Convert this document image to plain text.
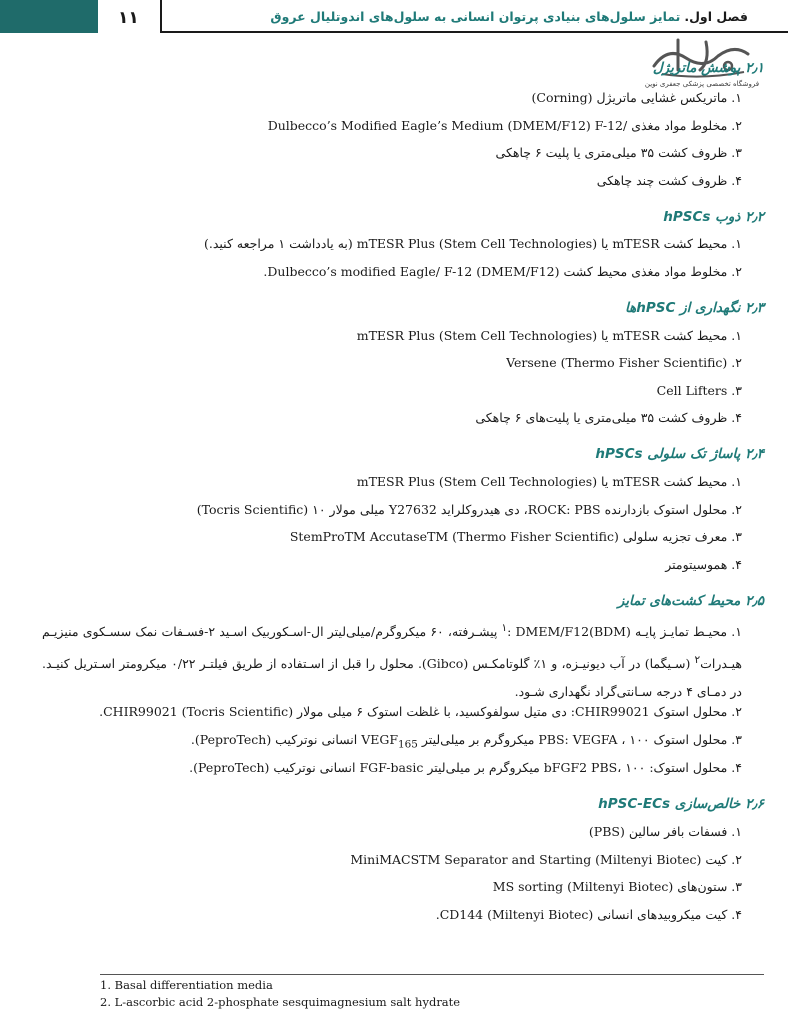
۱۱	فصل اول. تمایز سلول‌های بنیادی پرتوان انسانی به سلول‌های اندوتلیال عروق
فروشگاه تخصصی پزشکی جعفری نوین
۲٫۱ پوشش ماتریژل
۱. ماتریکس غشایی ماتریژل (Corning)
۲. مخلوط مواد مغذی /Dulbecco’s Modified Eagle’s Medium (DMEM/F12) F-12
۳. ظروف کشت ۳۵ میلی‌متری یا پلیت ۶ چاهکی
۴. ظروف کشت چند چاهکی
۲٫۲ ذوب hPSCs
۱. محیط کشت mTESR یا mTESR Plus (Stem Cell Technologies) (به یادداشت ۱ مراجعه کنید.)
۲. مخلوط مواد مغذی محیط کشت Dulbecco’s modified Eagle/ F-12 (DMEM/F12).
۲٫۳ نگهداری از hPSCها
۱. محیط کشت mTESR یا mTESR Plus (Stem Cell Technologies)
۲. Versene (Thermo Fisher Scientific)
۳. Cell Lifters
۴. ظروف کشت ۳۵ میلی‌متری یا پلیت‌های ۶ چاهکی
۲٫۴ پاساژ تک سلولی hPSCs
۱. محیط کشت mTESR یا mTESR Plus (Stem Cell Technologies)
۲. محلول استوک بازدارنده ROCK: PBS، دی هیدروکلراید Y27632 میلی مولار ۱۰ (Tocris Scientific)
۳. معرف تجزیه سلولی StemProTM AccutaseTM (Thermo Fisher Scientific)
۴. هموسیتومتر
۲٫۵ محیط کشت‌های تمایز
۱. محیـط تمایـز پایـه (BDM)$^۱$: DMEM/F12 پیشـرفته، ۶۰ میکروگرم/میلی‌لیتر ال-اسـکوربیک اسـید ۲-فسـفات نمک سسـکوی منیزیـم هیـدرات$^۲$ (سـیگما) در آب دیونیـزه، و ۱٪ گلوتامکـس (Gibco). محلول را قبل از اسـتفاده از طریق فیلتـر ۰/۲۲ میکرومتر اسـتریل کنیـد. در دمـای ۴ درجه سـانتی‌گراد نگهداری شـود.
۲. محلول استوک CHIR99021: دی متیل سولفوکسید، با غلظت استوک ۶ میلی مولار (Tocris Scientific) CHIR99021.
۳. محلول استوک PBS: VEGFA ، ۱۰۰ میکروگرم بر میلی‌لیتر $VEGF_{165}$ انسانی نوترکیب (PeproTech).
۴. محلول استوک: bFGF2 PBS، ۱۰۰ میکروگرم بر میلی‌لیتر FGF-basic انسانی نوترکیب (PeproTech).
۲٫۶ خالص‌سازی hPSC-ECs
۱. فسفات بافر سالین (PBS)
۲. کیت MiniMACSTM Separator and Starting (Miltenyi Biotec)
۳. ستون‌های MS sorting (Miltenyi Biotec)
۴. کیت میکروبیدهای انسانی CD144 (Miltenyi Biotec).
1. Basal differentiation media
2. L-ascorbic acid 2-phosphate sesquimagnesium salt hydrate
